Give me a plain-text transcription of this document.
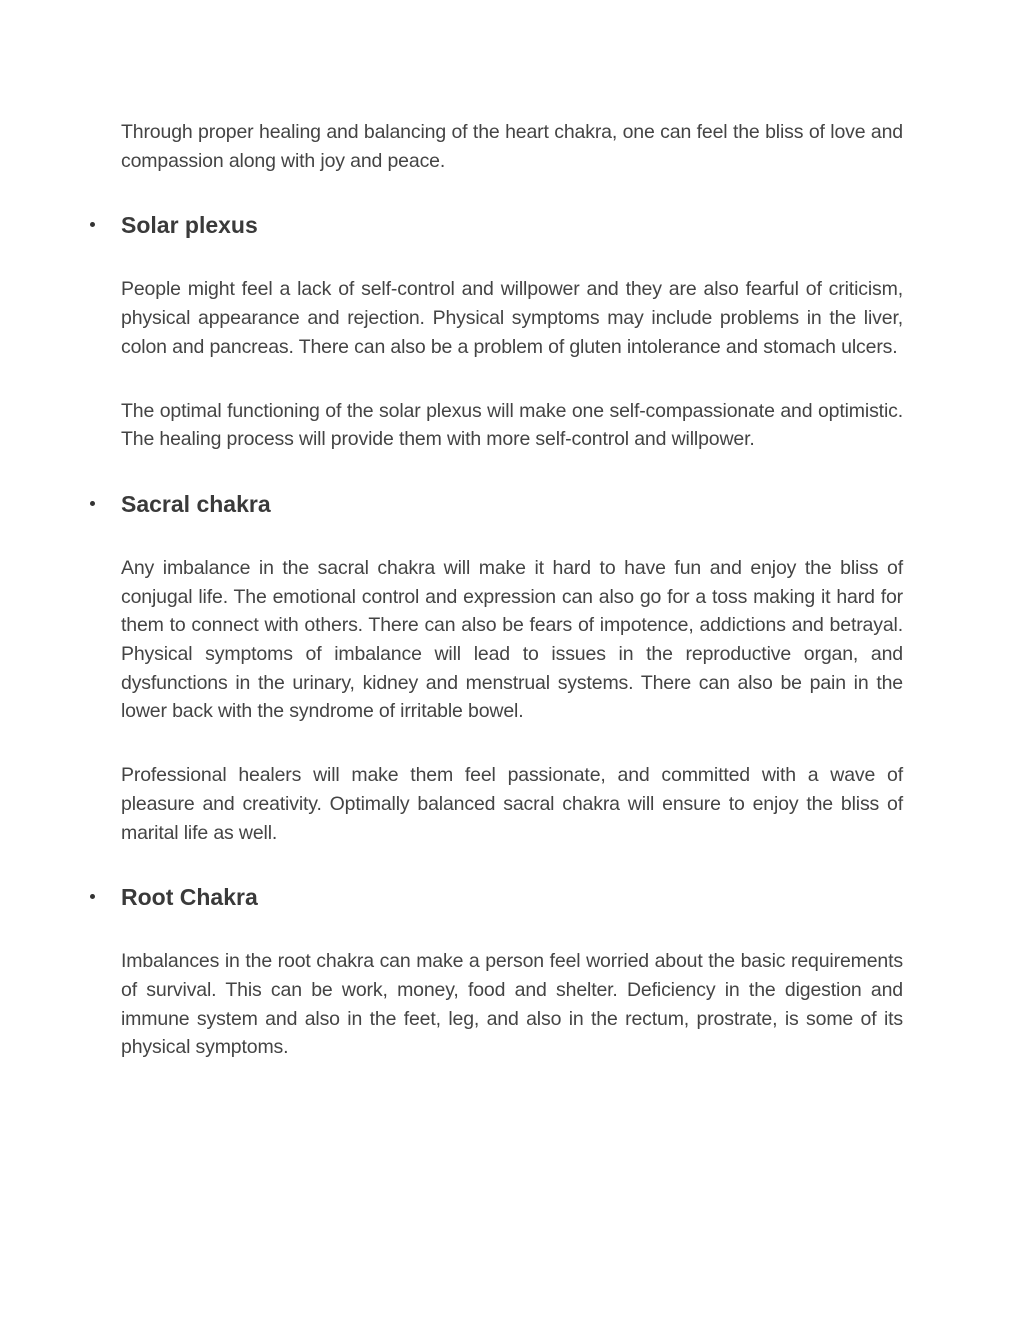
Through proper healing and balancing of the heart chakra, one can feel the bliss of love and compassion along with joy and peace.

Solar plexus

People might feel a lack of self-control and willpower and they are also fearful of criticism, physical appearance and rejection. Physical symptoms may include problems in the liver, colon and pancreas. There can also be a problem of gluten intolerance and stomach ulcers.

The optimal functioning of the solar plexus will make one self-compassionate and optimistic. The healing process will provide them with more self-control and willpower.

Sacral chakra

Any imbalance in the sacral chakra will make it hard to have fun and enjoy the bliss of conjugal life. The emotional control and expression can also go for a toss making it hard for them to connect with others. There can also be fears of impotence, addictions and betrayal. Physical symptoms of imbalance will lead to issues in the reproductive organ, and dysfunctions in the urinary, kidney and menstrual systems. There can also be pain in the lower back with the syndrome of irritable bowel.

Professional healers will make them feel passionate, and committed with a wave of pleasure and creativity. Optimally balanced sacral chakra will ensure to enjoy the bliss of marital life as well.

Root Chakra

Imbalances in the root chakra can make a person feel worried about the basic requirements of survival. This can be work, money, food and shelter. Deficiency in the digestion and immune system and also in the feet, leg, and also in the rectum, prostrate, is some of its physical symptoms.
